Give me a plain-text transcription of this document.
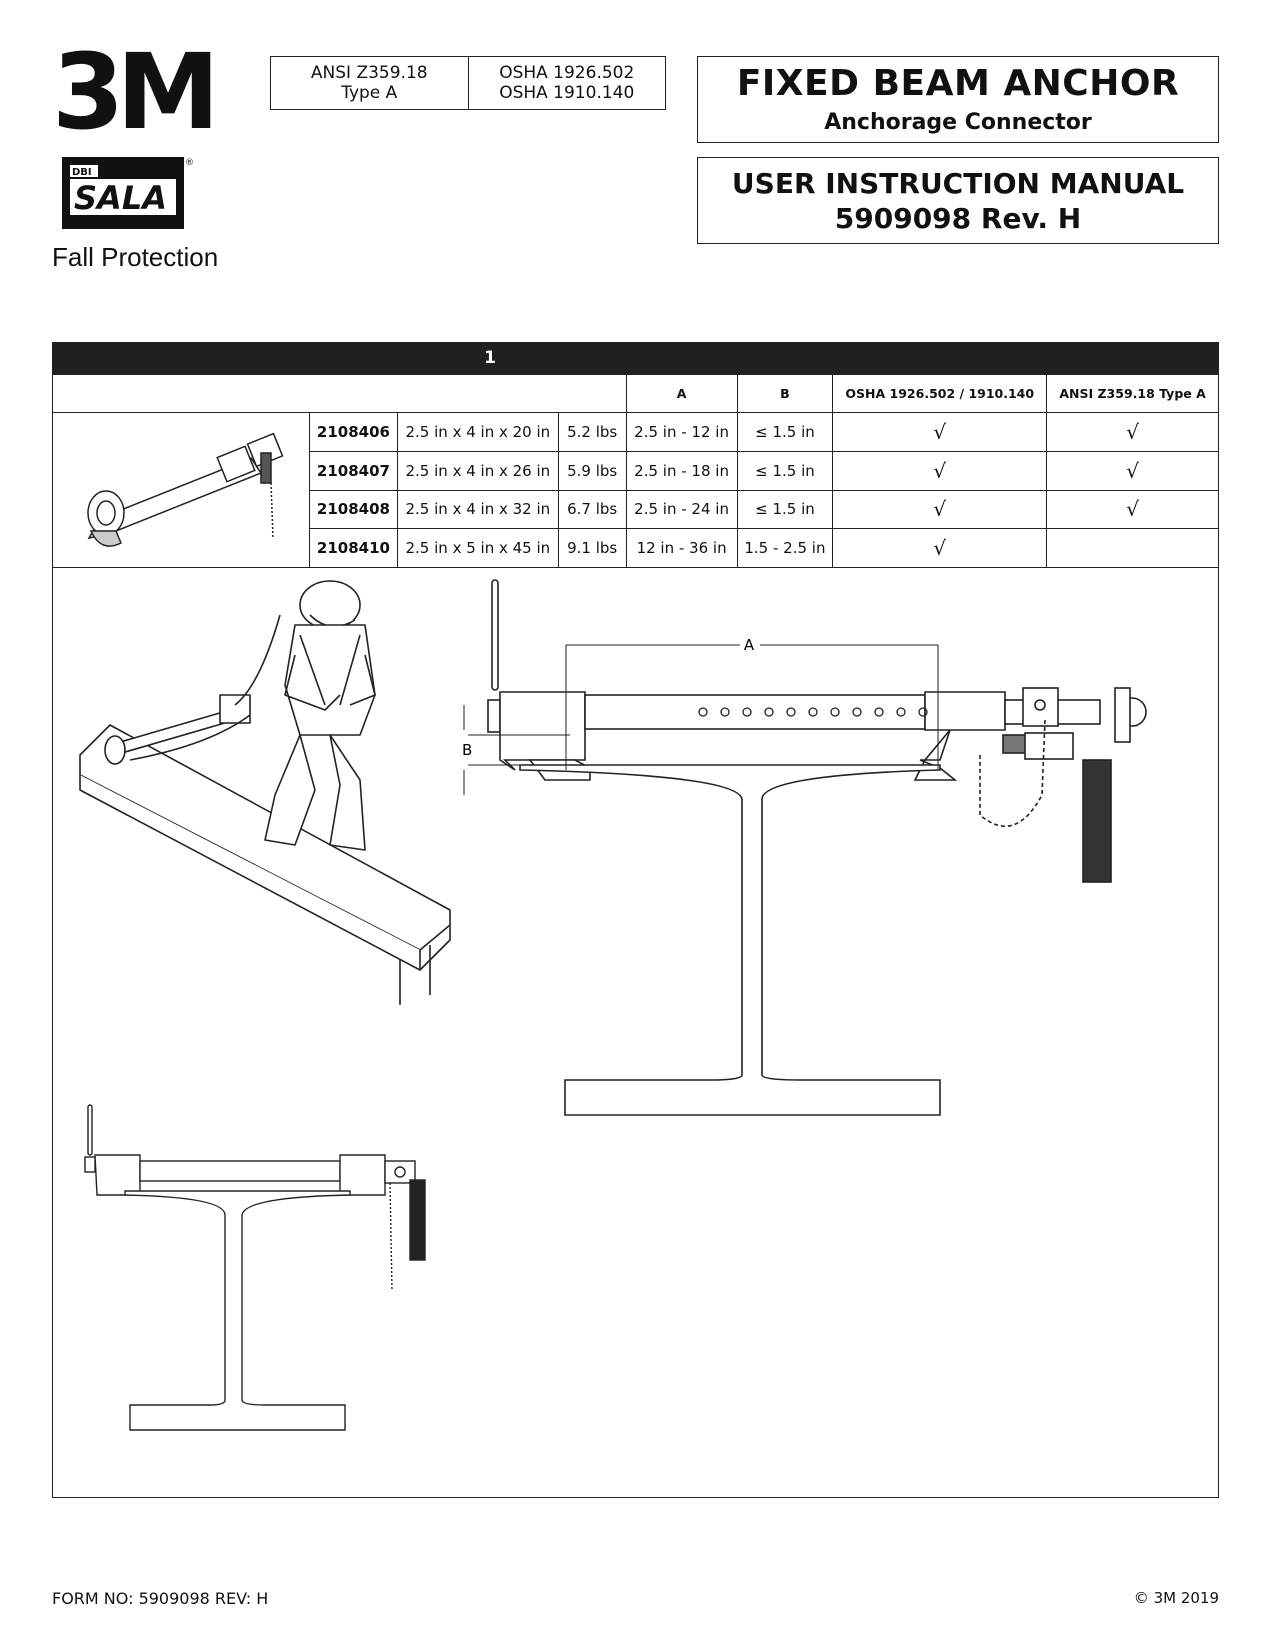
3M
DBI
SALA
®
Fall Protection
ANSI Z359.18
Type A
OSHA 1926.502
OSHA 1910.140	FIXED BEAM ANCHOR
Anchorage Connector
USER INSTRUCTION MANUAL
5909098 Rev. H
1
				A	B	OSHA 1926.502 / 1910.140	ANSI Z359.18 Type A
	2108406	2.5 in x 4 in x 20 in	5.2 lbs	2.5 in - 12 in	≤ 1.5 in	√	√
	2108407	2.5 in x 4 in x 26 in	5.9 lbs	2.5 in - 18 in	≤ 1.5 in	√	√
	2108408	2.5 in x 4 in x 32 in	6.7 lbs	2.5 in - 24 in	≤ 1.5 in	√	√
	2108410	2.5 in x 5 in x 45 in	9.1 lbs	12 in - 36 in	1.5 - 2.5 in	√	
A
B
FORM NO: 5909098 REV: H	© 3M 2019
